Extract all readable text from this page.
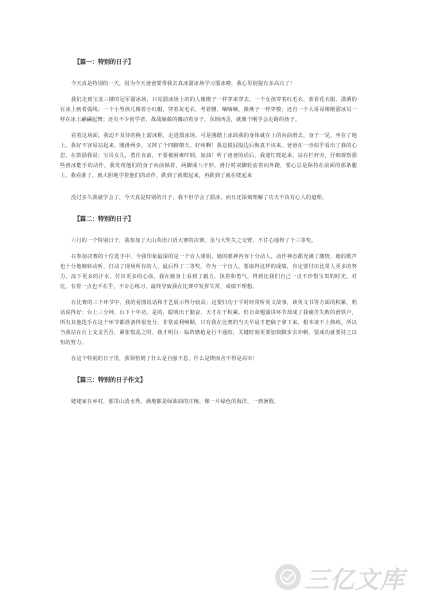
【篇一：特别的日子】

今天真是特别的一天，因为今天爸爸要带我去真冰溜冰场学习溜冰啦，我心里别提有多高兴了！

我们走到宝龙三楼的冠军溜冰场，只见溜冰场上的的人像梭子一样穿来穿去，一个女孩穿着红毛衣，蓝着花衣服，潇洒的在冰上画着弧线；一个小男孩儿像着小红帽，穿着灰毛衣，考着腰，嘀嘀嘀，像燕子一样穿梭；还有一个大哥哥像刚溜冰员一样在冰上翩翩起舞；还有不少初学者，战战兢兢的挪动着步子，东倒西歪，就像个刚学会走路的孩子。

看着这场面，我迫不及待的换上溜冰鞋，走进溜冰场，可是刚踏上冰面我的身体就在上的向前滑去，身子一晃，坐在了地上。我好不容易站起来，刚滑两步，又摔了个四脚朝天。好疼啊！我边摸屁股边后悔真不该来。爸爸在一旁似乎看出了我的心思，在鼓励我说：宝贝女儿，勇往直前，不要被困难吓倒，加油！听了爸爸的话后，我迷忙爬起来，站在栏杆旁，仔细观察那些滑冰能手的动作。我发现他们的身子向前倾着，两脚成八字形，滑行时双脚轮流着向外蹬，要心总是保持在前面的那条腿上，我看准了，就大胆地学着他们的动作，跌到了就爬起来，再跌到了就在爬起来

没过多久我就学会了，今天真是特别的日子，我不但学会了溜冰，而且还深刻理解了功夫不负有心人的道理。

【篇二：特别的日子】

六月的一个特别日子，我参加了大山英语口语大赛的决赛。虽与大奖失之交臂，不甘心地得了个三等奖。

在参加决赛的十位选手中，今我印象最深的是一个盲人姐姐。她的眼神内容十分动人，动作神态都充满了激情，她的歌声也十分地婉转动听，打动了现场所有的人，最后得了二等奖。作为一个盲人，要取得这样的成绩，肯定要付出比常人更多的努力，流下更多的汗水，付出更多的心血。我在她身上看到了毅力，执着和勇气，得到比我们自己一点不珍惜宝贵的时光，对比，有着一点也不在乎，不专心练习，最终导致我在比赛中发挥失常，成绩不理想。

在比赛的三个环节中，我的看图说话和才艺展示得分较高；这要归功于平时经常听英文故事，读英文书等方面的积累，唱话说得好：台上三分钟，台下十年功。是的，聪明出于勤奋，天才在于积累。但自命题演讲环节却成了我痛苦失败的滑铁卢，所有其他选手在这个环节都准备得很充分，非常流利畅顺，只有我在比赛的当天早晨才把稿子拿下来，根本谈不上熟练。所以当我站在台上支支吾吾，紧张慌乱之时，我才明白：临阵磨枪是行不通的，关键时刻更要加快脚步去冲刺，要成功就要持之以恒的努力。

在这个特别的日子里，我领悟到了什么是自强不息，什么是锲而舍不得是高宰！

【篇三：特别的日子作文】

姥姥家在乡村，那里山清水秀，满地都是绿油油的庄稼，像一片绿色的海洋，一到暑假，

三亿文库
